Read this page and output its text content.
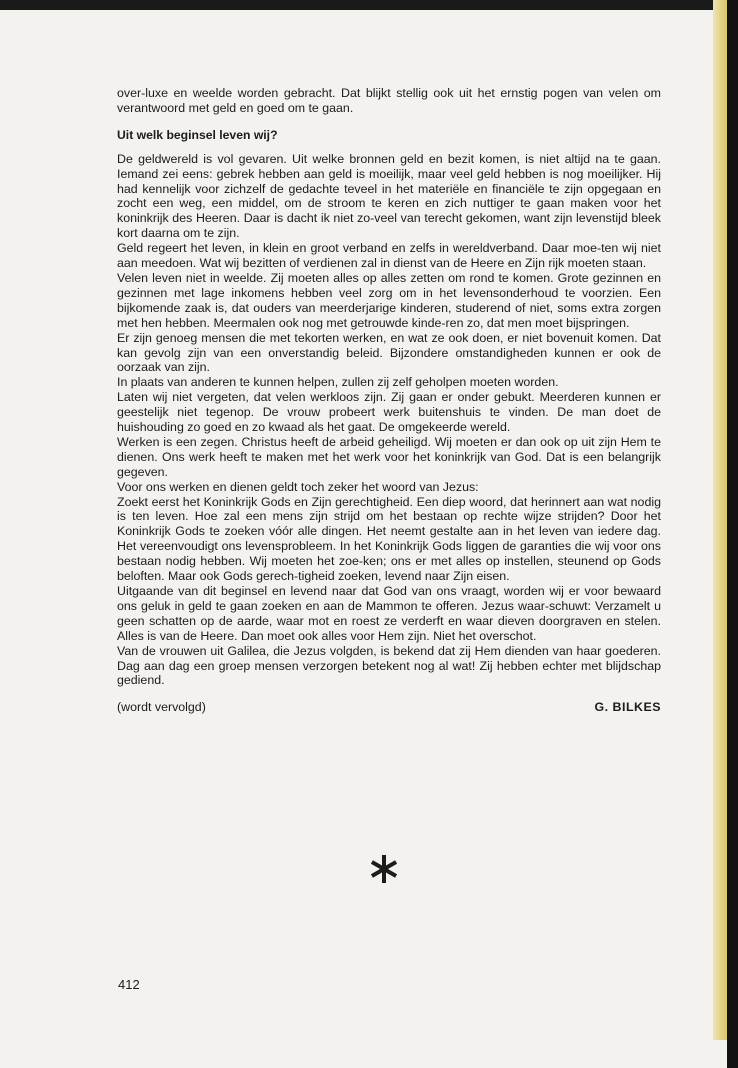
over-luxe en weelde worden gebracht. Dat blijkt stellig ook uit het ernstig pogen van velen om verantwoord met geld en goed om te gaan.

Uit welk beginsel leven wij?

De geldwereld is vol gevaren. Uit welke bronnen geld en bezit komen, is niet altijd na te gaan. Iemand zei eens: gebrek hebben aan geld is moeilijk, maar veel geld hebben is nog moeilijker. Hij had kennelijk voor zichzelf de gedachte teveel in het materiële en financiële te zijn opgegaan en zocht een weg, een middel, om de stroom te keren en zich nuttiger te gaan maken voor het koninkrijk des Heeren. Daar is dacht ik niet zo-veel van terecht gekomen, want zijn levenstijd bleek kort daarna om te zijn.

Geld regeert het leven, in klein en groot verband en zelfs in wereldverband. Daar moe-ten wij niet aan meedoen. Wat wij bezitten of verdienen zal in dienst van de Heere en Zijn rijk moeten staan.

Velen leven niet in weelde. Zij moeten alles op alles zetten om rond te komen. Grote gezinnen en gezinnen met lage inkomens hebben veel zorg om in het levensonderhoud te voorzien. Een bijkomende zaak is, dat ouders van meerderjarige kinderen, studerend of niet, soms extra zorgen met hen hebben. Meermalen ook nog met getrouwde kinde-ren zo, dat men moet bijspringen.

Er zijn genoeg mensen die met tekorten werken, en wat ze ook doen, er niet bovenuit komen. Dat kan gevolg zijn van een onverstandig beleid. Bijzondere omstandigheden kunnen er ook de oorzaak van zijn.

In plaats van anderen te kunnen helpen, zullen zij zelf geholpen moeten worden.

Laten wij niet vergeten, dat velen werkloos zijn. Zij gaan er onder gebukt. Meerderen kunnen er geestelijk niet tegenop. De vrouw probeert werk buitenshuis te vinden. De man doet de huishouding zo goed en zo kwaad als het gaat. De omgekeerde wereld.

Werken is een zegen. Christus heeft de arbeid geheiligd. Wij moeten er dan ook op uit zijn Hem te dienen. Ons werk heeft te maken met het werk voor het koninkrijk van God. Dat is een belangrijk gegeven.

Voor ons werken en dienen geldt toch zeker het woord van Jezus:

Zoekt eerst het Koninkrijk Gods en Zijn gerechtigheid. Een diep woord, dat herinnert aan wat nodig is ten leven. Hoe zal een mens zijn strijd om het bestaan op rechte wijze strijden? Door het Koninkrijk Gods te zoeken vóór alle dingen. Het neemt gestalte aan in het leven van iedere dag. Het vereenvoudigt ons levensprobleem. In het Koninkrijk Gods liggen de garanties die wij voor ons bestaan nodig hebben. Wij moeten het zoe-ken; ons er met alles op instellen, steunend op Gods beloften. Maar ook Gods gerech-tigheid zoeken, levend naar Zijn eisen.

Uitgaande van dit beginsel en levend naar dat God van ons vraagt, worden wij er voor bewaard ons geluk in geld te gaan zoeken en aan de Mammon te offeren. Jezus waar-schuwt: Verzamelt u geen schatten op de aarde, waar mot en roest ze verderft en waar dieven doorgraven en stelen. Alles is van de Heere. Dan moet ook alles voor Hem zijn. Niet het overschot.

Van de vrouwen uit Galilea, die Jezus volgden, is bekend dat zij Hem dienden van haar goederen. Dag aan dag een groep mensen verzorgen betekent nog al wat! Zij hebben echter met blijdschap gediend.

(wordt vervolgd)	G. BILKES
412
